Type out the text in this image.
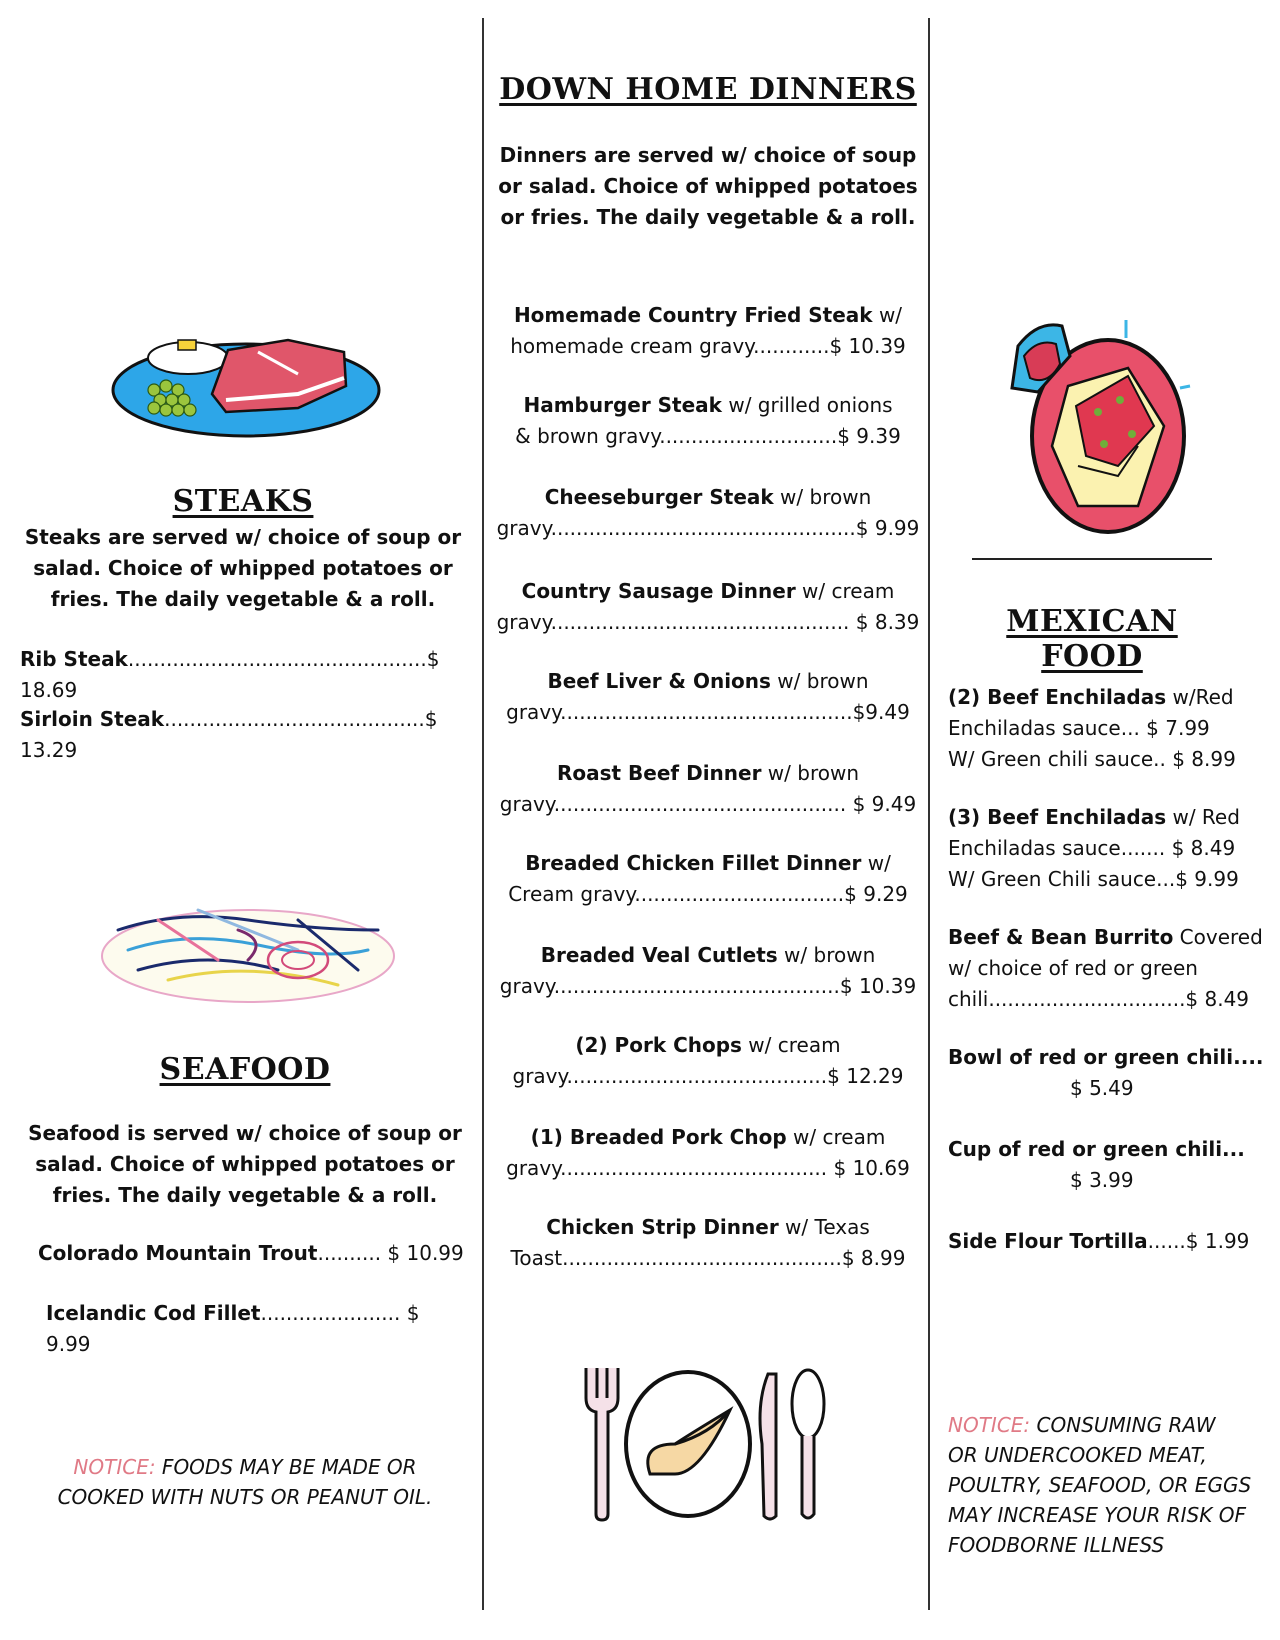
STEAKS
Steaks are served w/ choice of soup or salad. Choice of whipped potatoes or fries. The daily vegetable & a roll.
Rib Steak...............................................$ 18.69
Sirloin Steak.........................................$ 13.29
SEAFOOD
Seafood is served w/ choice of soup or salad. Choice of whipped potatoes or fries. The daily vegetable & a roll.
Colorado Mountain Trout.......... $ 10.99
Icelandic Cod Fillet...................... $ 9.99
NOTICE: FOODS MAY BE MADE OR
COOKED WITH NUTS OR PEANUT OIL.
DOWN HOME DINNERS
Dinners are served w/ choice of soup or salad. Choice of whipped potatoes or fries. The daily vegetable & a roll.
Homemade Country Fried Steak w/
homemade cream gravy............$ 10.39
Hamburger Steak w/ grilled onions
& brown gravy............................$ 9.39
Cheeseburger Steak w/ brown
gravy................................................$ 9.99
Country Sausage Dinner w/ cream
gravy............................................... $ 8.39
Beef Liver & Onions w/ brown
gravy..............................................$9.49
Roast Beef Dinner w/ brown
gravy.............................................. $ 9.49
Breaded Chicken Fillet Dinner w/
Cream gravy.................................$ 9.29
Breaded Veal Cutlets w/ brown
gravy.............................................$ 10.39
(2) Pork Chops w/ cream
gravy.........................................$ 12.29
(1) Breaded Pork Chop w/ cream
gravy.......................................... $ 10.69
Chicken Strip Dinner w/ Texas
Toast............................................$ 8.99
MEXICAN FOOD
(2) Beef Enchiladas w/Red
Enchiladas sauce... $ 7.99
W/ Green chili sauce.. $ 8.99
(3) Beef Enchiladas w/ Red
Enchiladas sauce....... $ 8.49
W/ Green Chili sauce...$ 9.99
Beef & Bean Burrito Covered
w/ choice of red or green
chili...............................$ 8.49
Bowl of red or green chili....
$ 5.49
Cup of red or green chili...
$ 3.99
Side Flour Tortilla......$ 1.99
NOTICE: CONSUMING RAW
OR UNDERCOOKED MEAT,
POULTRY, SEAFOOD, OR EGGS
MAY INCREASE YOUR RISK OF
FOODBORNE ILLNESS
